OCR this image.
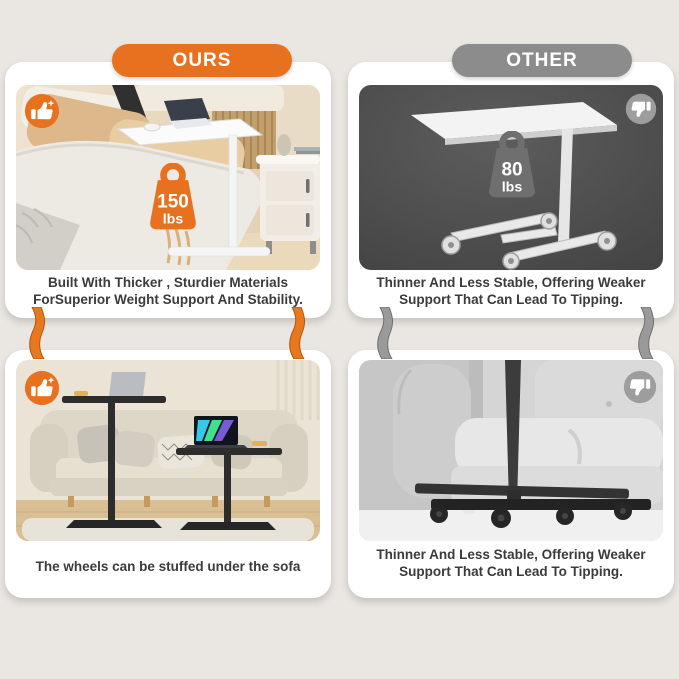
OURS	OTHER
150
lbs
Built With Thicker , Sturdier Materials
ForSuperior Weight Support And Stability.
80
lbs
Thinner And Less Stable, Offering Weaker
Support That Can Lead To Tipping.
The wheels can be stuffed under the sofa
Thinner And Less Stable, Offering Weaker
Support That Can Lead To Tipping.
